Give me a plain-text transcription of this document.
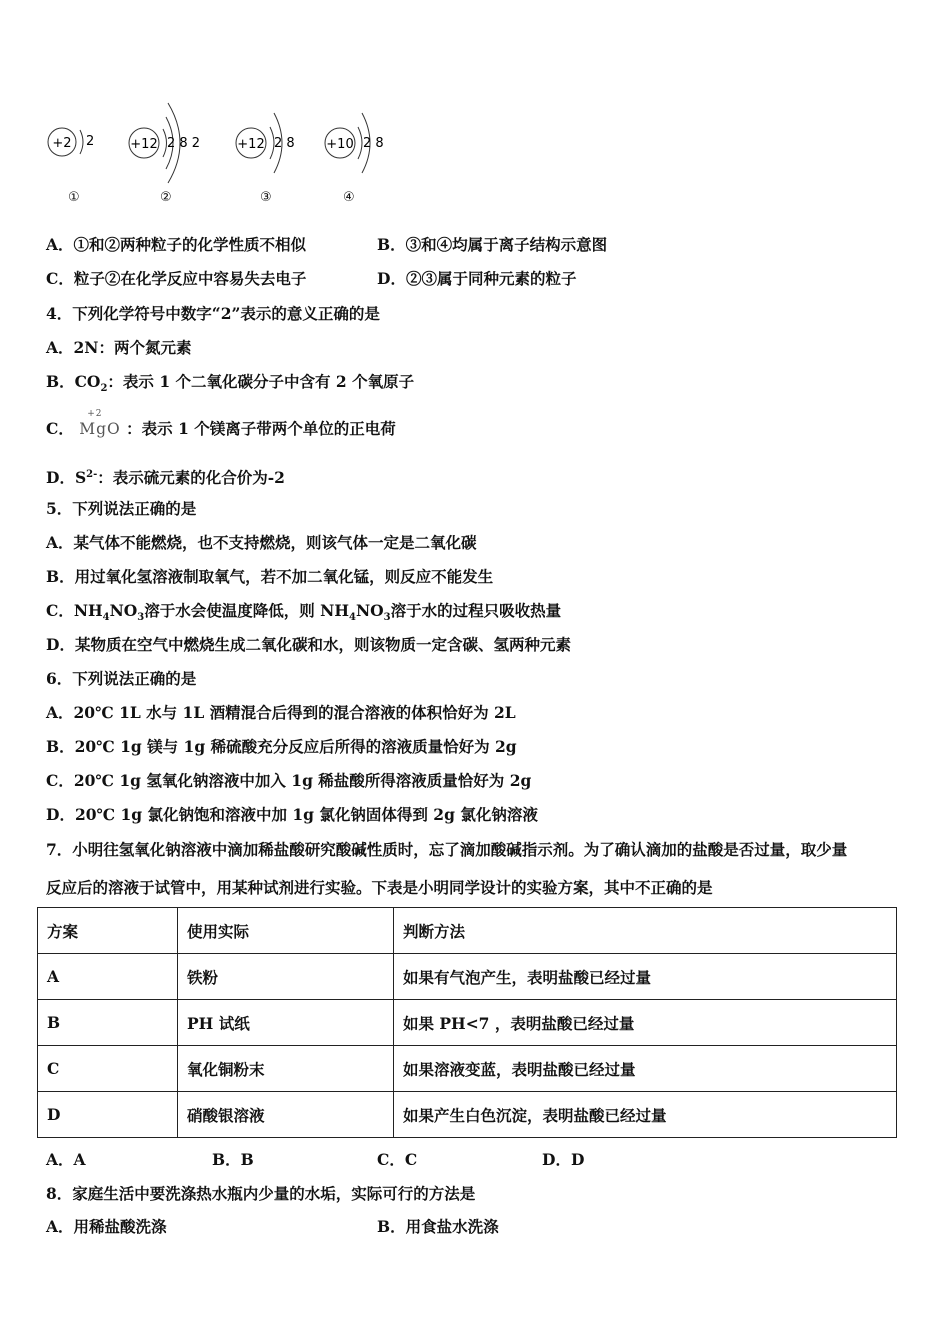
+2 2	+12 2 8 2	+12 2 8 +10 2 8
①	②	③	④
A．①和②两种粒子的化学性质不相似	B．③和④均属于离子结构示意图
C．粒子②在化学反应中容易失去电子	D．②③属于同种元素的粒子
4．下列化学符号中数字“2”表示的意义正确的是
A．2N：两个氮元素
B．$CO_2$：表示 1 个二氧化碳分子中含有 2 个氧原子
C．
+2
MgO ：表示 1 个镁离子带两个单位的正电荷
D．$S^{2-}$：表示硫元素的化合价为-2
5．下列说法正确的是
A．某气体不能燃烧，也不支持燃烧，则该气体一定是二氧化碳
B．用过氧化氢溶液制取氧气，若不加二氧化锰，则反应不能发生
C．$NH_4NO_3$溶于水会使温度降低，则 $NH_4NO_3$溶于水的过程只吸收热量
D．某物质在空气中燃烧生成二氧化碳和水，则该物质一定含碳、氢两种元素
6．下列说法正确的是
A．20℃ 1L 水与 1L 酒精混合后得到的混合溶液的体积恰好为 2L
B．20℃ 1g 镁与 1g 稀硫酸充分反应后所得的溶液质量恰好为 2g
C．20℃ 1g 氢氧化钠溶液中加入 1g 稀盐酸所得溶液质量恰好为 2g
D．20℃ 1g 氯化钠饱和溶液中加 1g 氯化钠固体得到 2g 氯化钠溶液
7．小明往氢氧化钠溶液中滴加稀盐酸研究酸碱性质时，忘了滴加酸碱指示剂。为了确认滴加的盐酸是否过量，取少量
反应后的溶液于试管中，用某种试剂进行实验。下表是小明同学设计的实验方案，其中不正确的是
方案	使用实际	判断方法
A	铁粉	如果有气泡产生，表明盐酸已经过量
B	PH 试纸	如果 PH<7 ，表明盐酸已经过量
C	氧化铜粉末	如果溶液变蓝，表明盐酸已经过量
D	硝酸银溶液	如果产生白色沉淀，表明盐酸已经过量
A．A	B．B	C．C	D．D
8．家庭生活中要洗涤热水瓶内少量的水垢，实际可行的方法是
A．用稀盐酸洗涤	B．用食盐水洗涤
